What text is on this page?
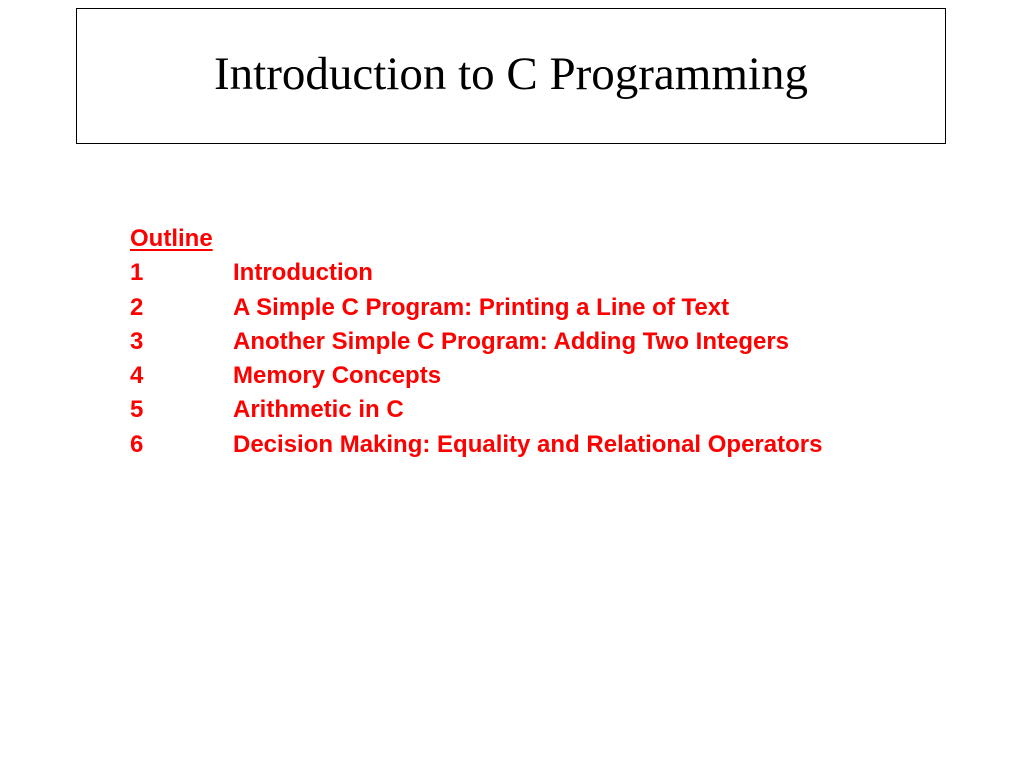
Introduction to C Programming
Outline
1	Introduction
2	A Simple C Program: Printing a Line of Text
3	Another Simple C Program: Adding Two Integers
4	Memory Concepts
5	Arithmetic in C
6	Decision Making: Equality and Relational Operators
